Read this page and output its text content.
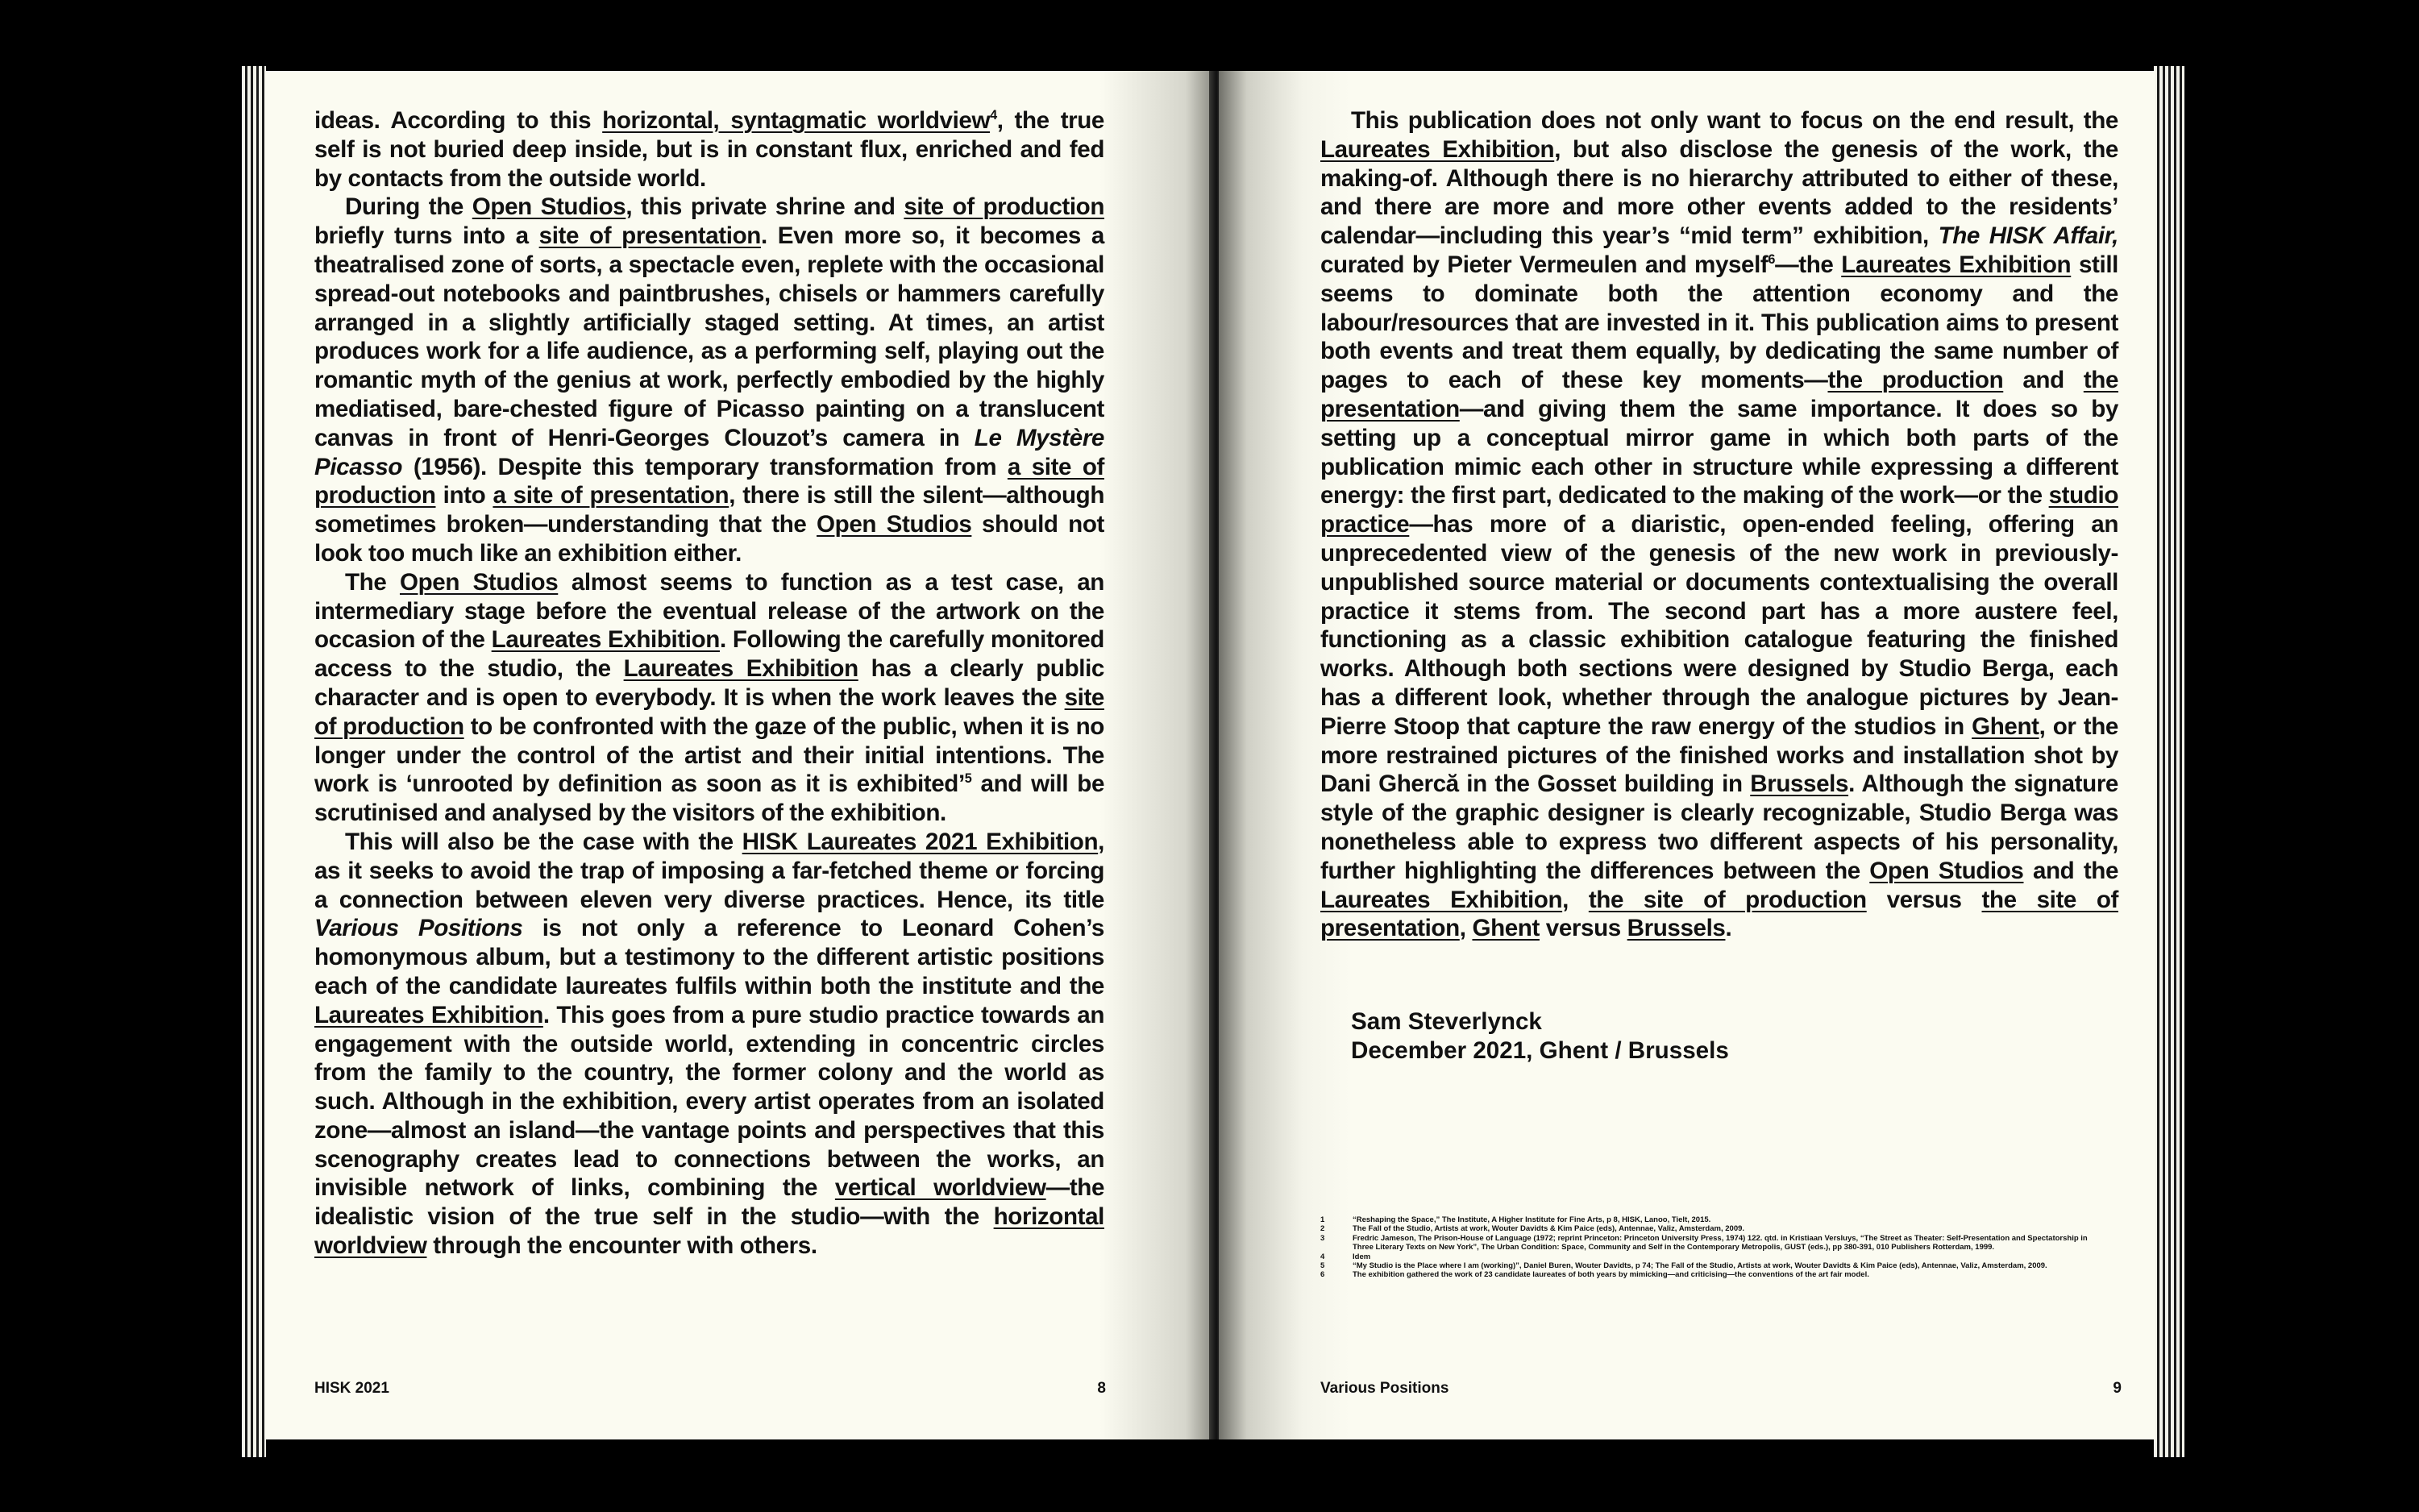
ideas. According to this horizontal, syntagmatic worldview$^4$, the true self is not buried deep inside, but is in constant flux, enriched and fed by contacts from the outside world.

During the Open Studios, this private shrine and site of production briefly turns into a site of presentation. Even more so, it becomes a theatralised zone of sorts, a spectacle even, replete with the occasional spread-out notebooks and paintbrushes, chisels or hammers carefully arranged in a slightly artificially staged setting. At times, an artist produces work for a life audience, as a performing self, playing out the romantic myth of the genius at work, perfectly embodied by the highly mediatised, bare-chested figure of Picasso painting on a translucent canvas in front of Henri-Georges Clouzot’s camera in Le Mystère Picasso (1956). Despite this temporary transformation from a site of production into a site of presentation, there is still the silent—although sometimes broken—understanding that the Open Studios should not look too much like an exhibition either.

The Open Studios almost seems to function as a test case, an intermediary stage before the eventual release of the artwork on the occasion of the Laureates Exhibition. Following the carefully monitored access to the studio, the Laureates Exhibition has a clearly public character and is open to everybody. It is when the work leaves the site of production to be confronted with the gaze of the public, when it is no longer under the control of the artist and their initial intentions. The work is ‘unrooted by definition as soon as it is exhibited’$^5$ and will be scrutinised and analysed by the visitors of the exhibition.

This will also be the case with the HISK Laureates 2021 Exhibition, as it seeks to avoid the trap of imposing a far-fetched theme or forcing a connection between eleven very diverse practices. Hence, its title Various Positions is not only a reference to Leonard Cohen’s homonymous album, but a testimony to the different artistic positions each of the candidate laureates fulfils within both the institute and the Laureates Exhibition. This goes from a pure studio practice towards an engagement with the outside world, extending in concentric circles from the family to the country, the former colony and the world as such. Although in the exhibition, every artist operates from an isolated zone—almost an island—the vantage points and perspectives that this scenography creates lead to connections between the works, an invisible network of links, combining the vertical worldview—the idealistic vision of the true self in the studio—with the horizontal worldview through the encounter with others.

HISK 2021	8

This publication does not only want to focus on the end result, the Laureates Exhibition, but also disclose the genesis of the work, the making-of. Although there is no hierarchy attributed to either of these, and there are more and more other events added to the residents’ calendar—including this year’s “mid term” exhibition, The HISK Affair, curated by Pieter Vermeulen and myself$^6$—the Laureates Exhibition still seems to dominate both the attention economy and the labour/resources that are invested in it. This publication aims to present both events and treat them equally, by dedicating the same number of pages to each of these key moments—the production and the presentation—and giving them the same importance. It does so by setting up a conceptual mirror game in which both parts of the publication mimic each other in structure while expressing a different energy: the first part, dedicated to the making of the work—or the studio practice—has more of a diaristic, open-ended feeling, offering an unprecedented view of the genesis of the new work in previously-unpublished source material or documents contextualising the overall practice it stems from. The second part has a more austere feel, functioning as a classic exhibition catalogue featuring the finished works. Although both sections were designed by Studio Berga, each has a different look, whether through the analogue pictures by Jean-Pierre Stoop that capture the raw energy of the studios in Ghent, or the more restrained pictures of the finished works and installation shot by Dani Ghercă in the Gosset building in Brussels. Although the signature style of the graphic designer is clearly recognizable, Studio Berga was nonetheless able to express two different aspects of his personality, further highlighting the differences between the Open Studios and the Laureates Exhibition, the site of production versus the site of presentation, Ghent versus Brussels.

Sam Steverlynck
December 2021, Ghent / Brussels
1	“Reshaping the Space,” The Institute, A Higher Institute for Fine Arts, p 8, HISK, Lanoo, Tielt, 2015.
2	The Fall of the Studio, Artists at work, Wouter Davidts & Kim Paice (eds), Antennae, Valiz, Amsterdam, 2009.
3	Fredric Jameson, The Prison-House of Language (1972; reprint Princeton: Princeton University Press, 1974) 122. qtd. in Kristiaan Versluys, “The Street as Theater: Self-Presentation and Spectatorship in Three Literary Texts on New York”, The Urban Condition: Space, Community and Self in the Contemporary Metropolis, GUST (eds.), pp 380-391, 010 Publishers Rotterdam, 1999.
4	Idem
5	“My Studio is the Place where I am (working)”, Daniel Buren, Wouter Davidts, p 74; The Fall of the Studio, Artists at work, Wouter Davidts & Kim Paice (eds), Antennae, Valiz, Amsterdam, 2009.
6	The exhibition gathered the work of 23 candidate laureates of both years by mimicking—and criticising—the conventions of the art fair model.
Various Positions	9
